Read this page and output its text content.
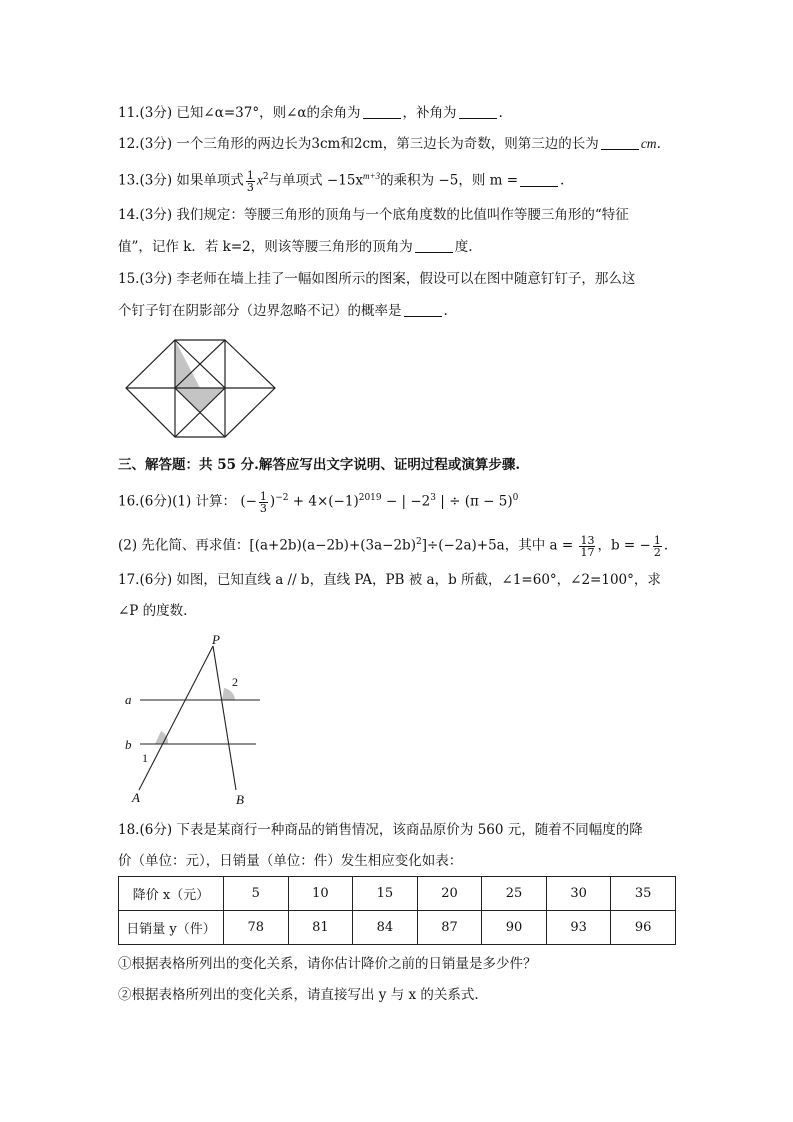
11.(3分) 已知∠α=37°，则∠α的余角为	，补角为	.
12.(3分) 一个三角形的两边长为3cm和2cm，第三边长为奇数，则第三边的长为	cm.
13.(3分) 如果单项式 $\frac{1}{3} x^2$与单项式 $-15x^{m+3}$的乘积为 −5，则 m =	.
14.(3分) 我们规定：等腰三角形的顶角与一个底角度数的比值叫作等腰三角形的“特征
值”，记作 k．若 k=2，则该等腰三角形的顶角为	度.
15.(3分) 李老师在墙上挂了一幅如图所示的图案，假设可以在图中随意钉钉子，那么这
个钉子钉在阴影部分（边界忽略不记）的概率是	.
三、解答题：共 55 分.解答应写出文字说明、证明过程或演算步骤.
16.(6分)(1) 计算： (− $\frac{1}{3} )^{-2} + 4\times(-1)^{2019}$ − | $-2^3$ | ÷ $(\pi - 5)^0$
(2) 先化简、再求值：$[(a+2b)(a-2b)+(3a-2b)^2]\div(-2a)+5a$，其中 $a = \frac{13}{17}$ ，b = − $\frac{1}{2}$ .
17.(6分) 如图，已知直线 a // b，直线 PA，PB 被 a，b 所截，∠1=60°，∠2=100°，求
∠P 的度数.
P
a
b
A	B
2
1
18.(6分) 下表是某商行一种商品的销售情况，该商品原价为 560 元，随着不同幅度的降
价（单位：元），日销量（单位：件）发生相应变化如表：
降价 x（元）	5	10	15	20	25	30	35
日销量 y（件）	78	81	84	87	90	93	96
①根据表格所列出的变化关系，请你估计降价之前的日销量是多少件？
②根据表格所列出的变化关系，请直接写出 y 与 x 的关系式.
